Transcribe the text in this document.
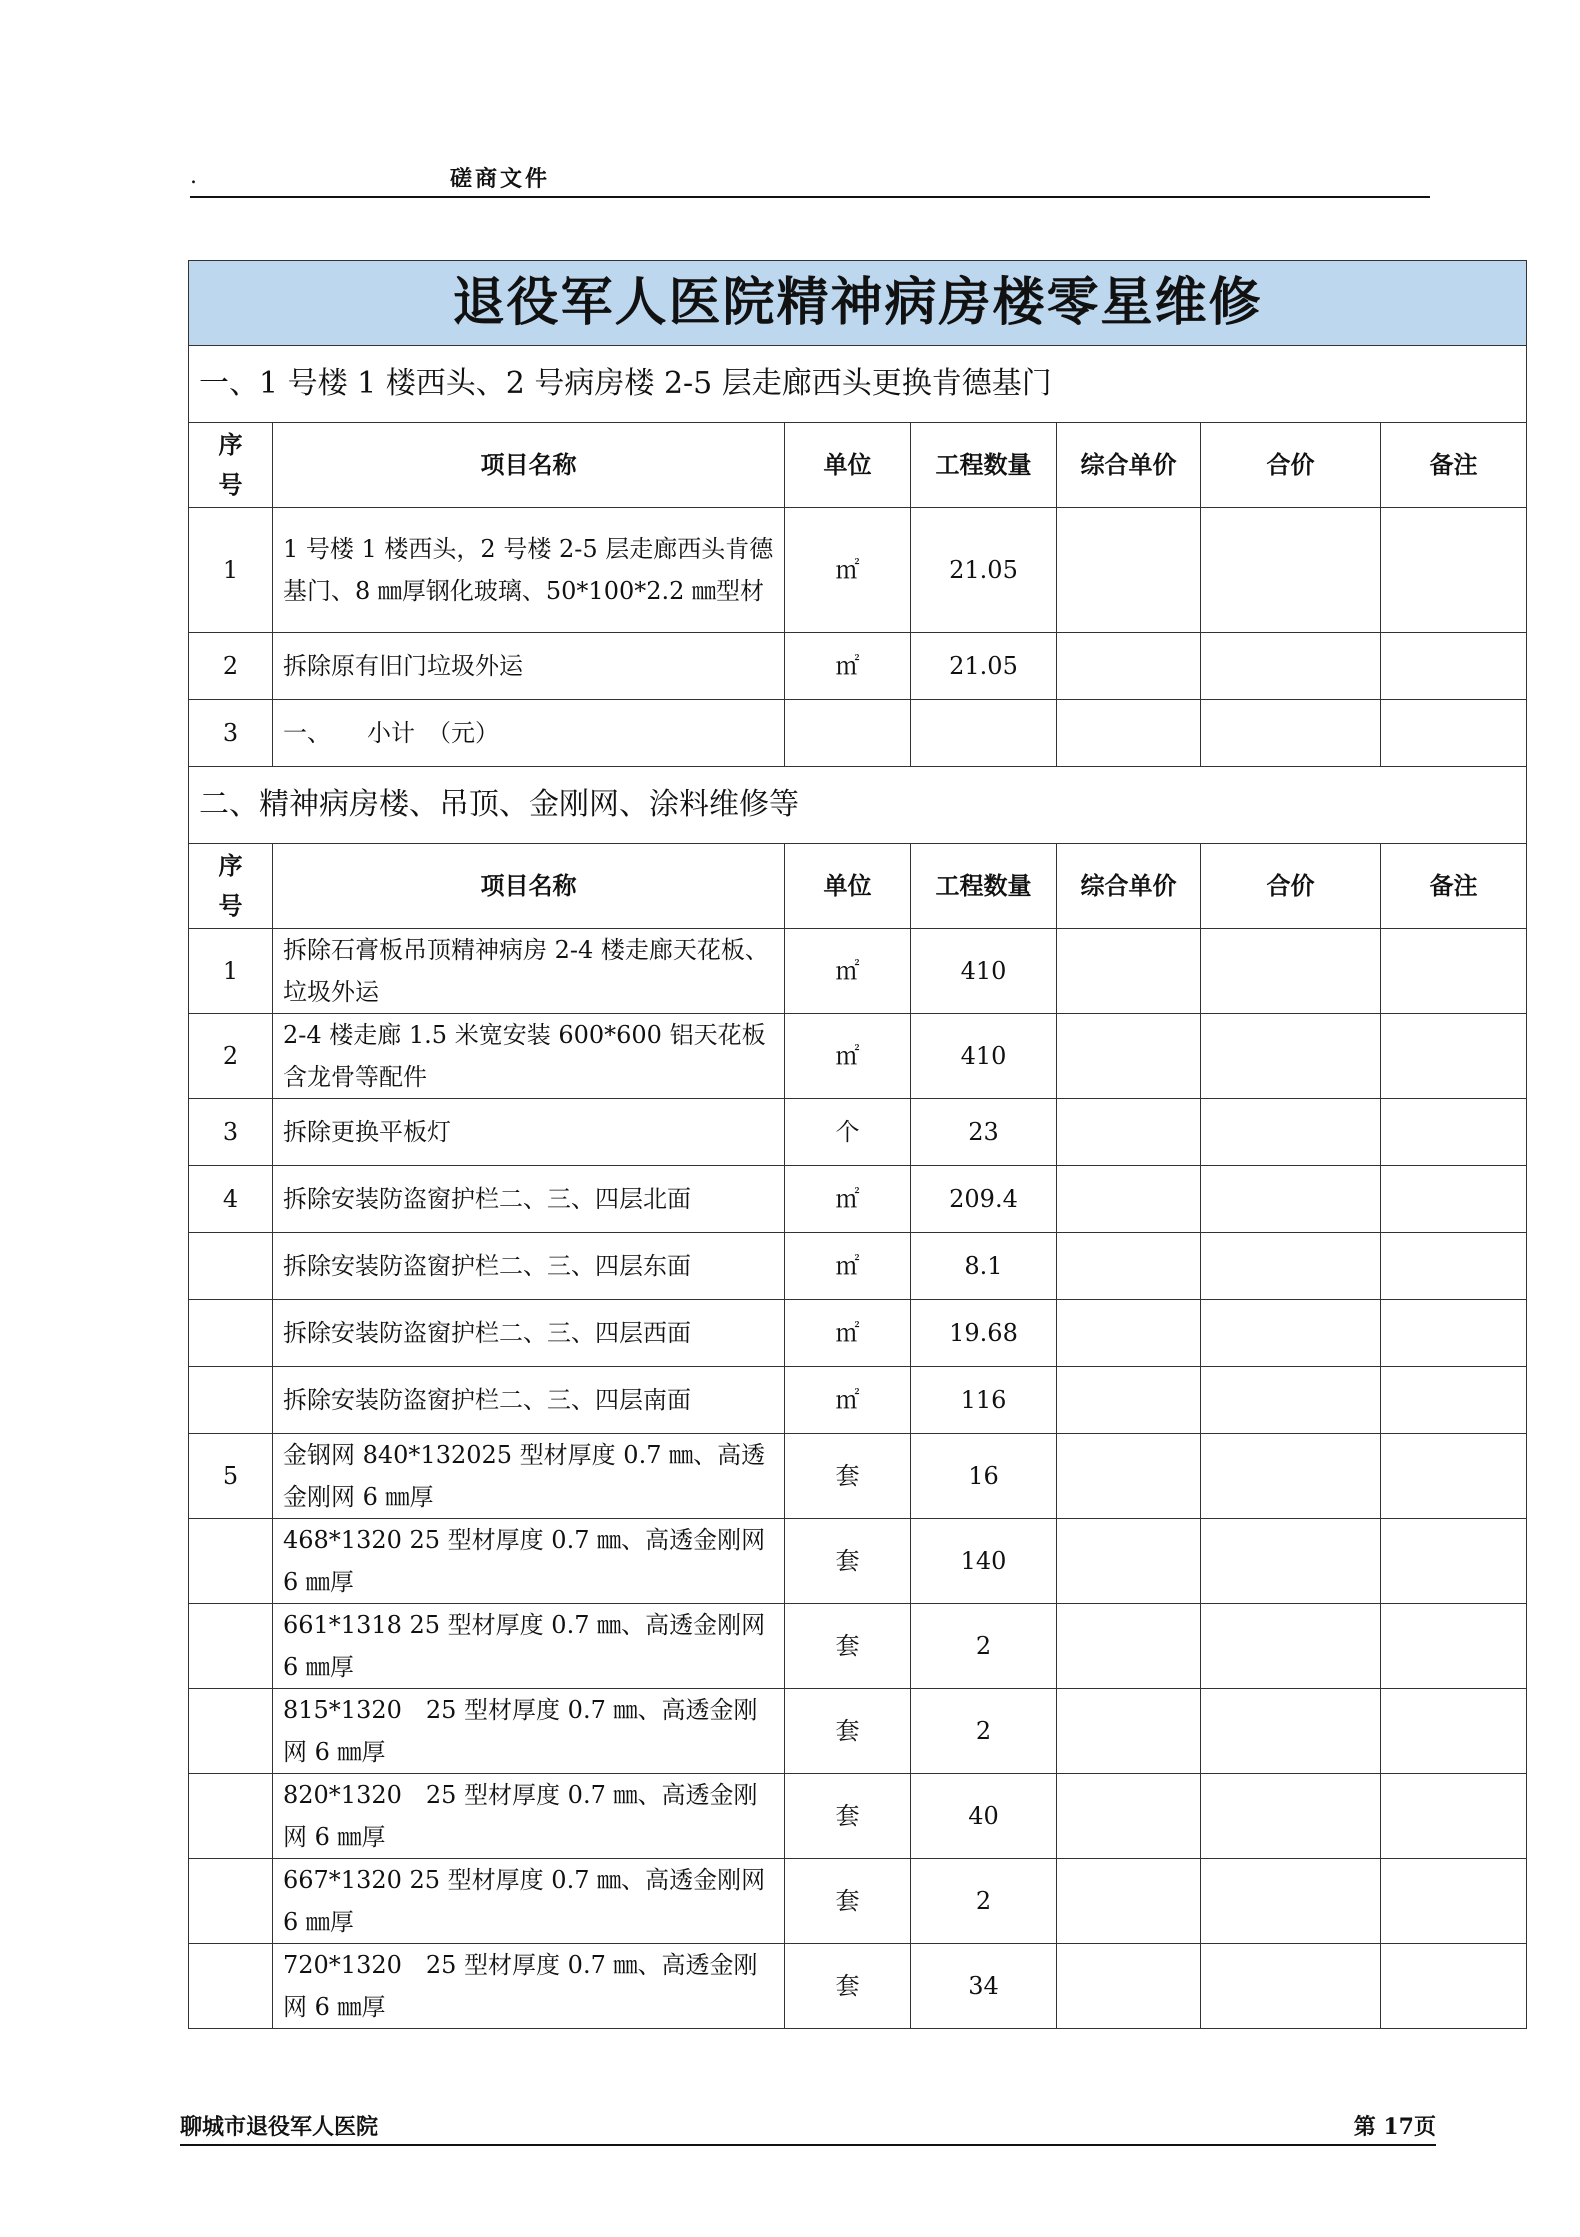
.	磋商文件
退役军人医院精神病房楼零星维修						
一、1 号楼 1 楼西头、2 号病房楼 2-5 层走廊西头更换肯德基门						
序
号	项目名称	单位	工程数量	综合单价	合价	备注
1	1 号楼 1 楼西头，2 号楼 2-5 层走廊西头肯德基门、8 ㎜厚钢化玻璃、50*100*2.2 ㎜型材	㎡	21.05			
2	拆除原有旧门垃圾外运	㎡	21.05			
3	一、　　小计　（元）					
二、精神病房楼、吊顶、金刚网、涂料维修等						
序
号	项目名称	单位	工程数量	综合单价	合价	备注
1	拆除石膏板吊顶精神病房 2-4 楼走廊天花板、垃圾外运	㎡	410			
2	2-4 楼走廊 1.5 米宽安装 600*600 铝天花板含龙骨等配件	㎡	410			
3	拆除更换平板灯	个	23			
4	拆除安装防盗窗护栏二、三、四层北面	㎡	209.4			
	拆除安装防盗窗护栏二、三、四层东面	㎡	8.1			
	拆除安装防盗窗护栏二、三、四层西面	㎡	19.68			
	拆除安装防盗窗护栏二、三、四层南面	㎡	116			
5	金钢网 840*132025 型材厚度 0.7 ㎜、高透金刚网 6 ㎜厚	套	16			
	468*1320 25 型材厚度 0.7 ㎜、高透金刚网 6 ㎜厚	套	140			
	661*1318 25 型材厚度 0.7 ㎜、高透金刚网 6 ㎜厚	套	2			
	815*1320　25 型材厚度 0.7 ㎜、高透金刚网 6 ㎜厚	套	2			
	820*1320　25 型材厚度 0.7 ㎜、高透金刚网 6 ㎜厚	套	40			
	667*1320 25 型材厚度 0.7 ㎜、高透金刚网 6 ㎜厚	套	2			
	720*1320　25 型材厚度 0.7 ㎜、高透金刚网 6 ㎜厚	套	34			
聊城市退役军人医院	第 17页
